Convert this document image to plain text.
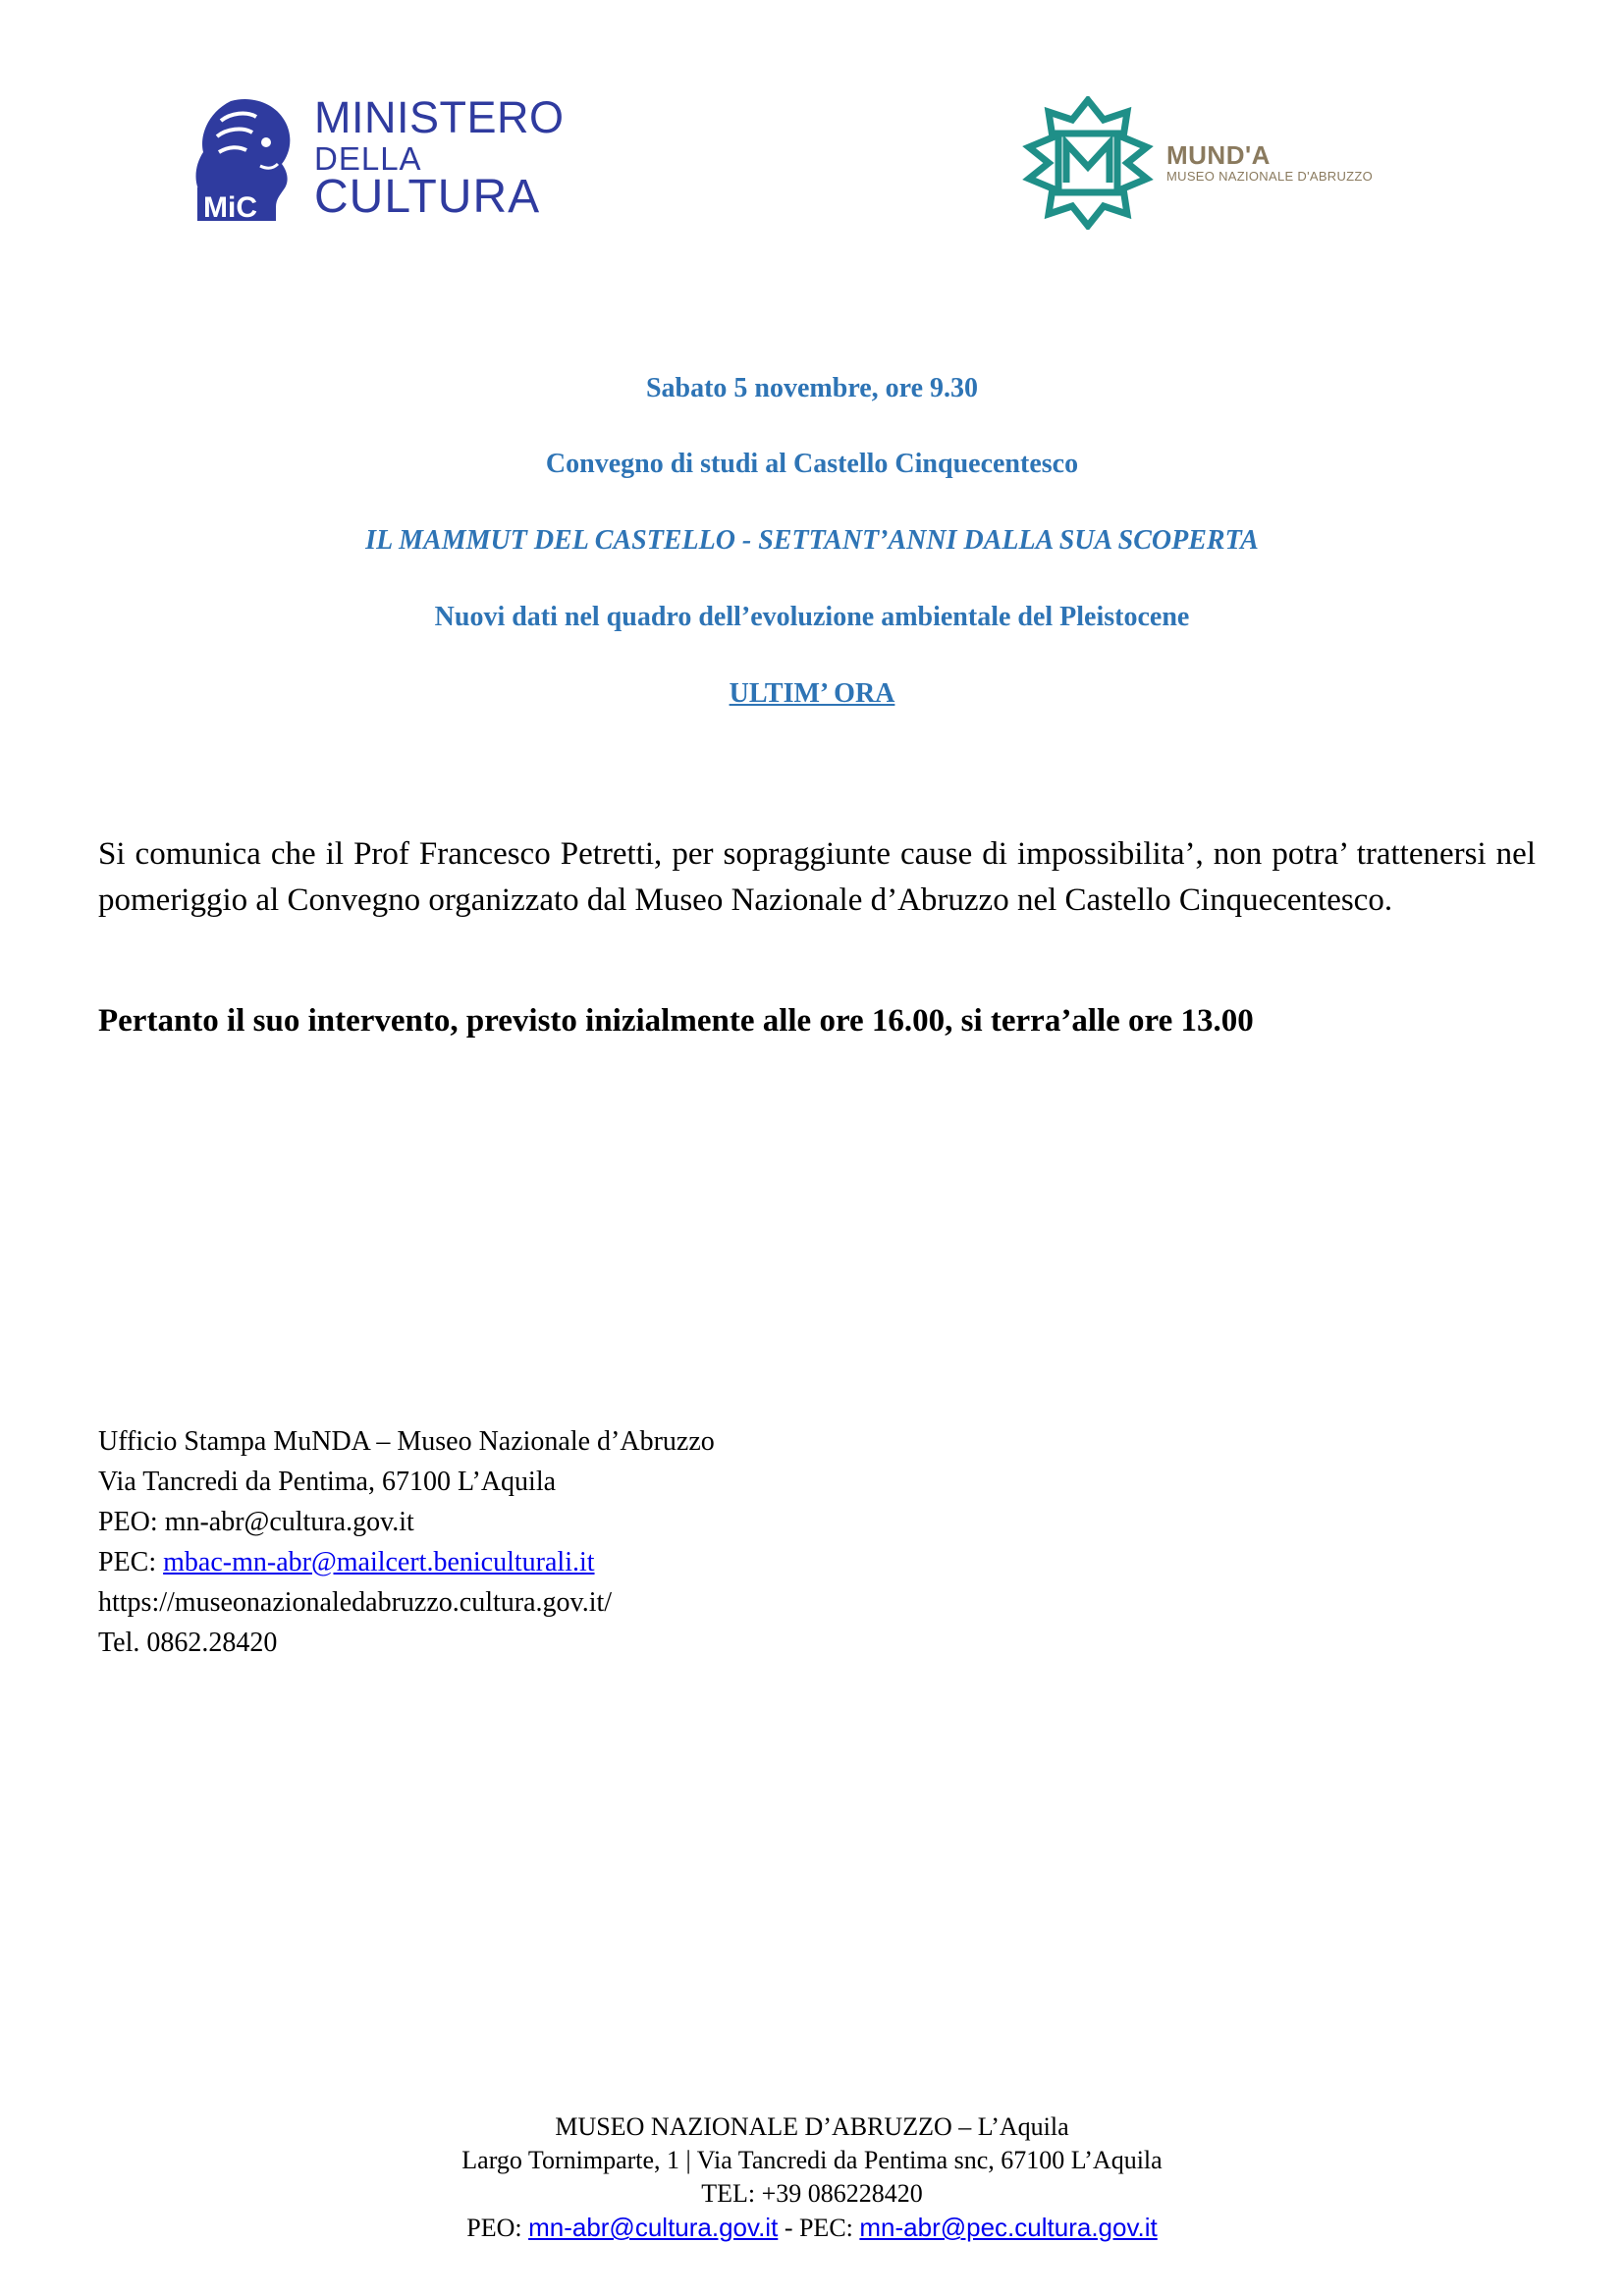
MiC
MINISTERO
DELLA
CULTURA
MUND'A
MUSEO NAZIONALE D'ABRUZZO
Sabato 5 novembre, ore 9.30
Convegno di studi al Castello Cinquecentesco
IL MAMMUT DEL CASTELLO - SETTANT’ANNI DALLA SUA SCOPERTA
Nuovi dati nel quadro dell’evoluzione ambientale del Pleistocene
ULTIM’ ORA

Si comunica che il Prof Francesco Petretti, per sopraggiunte cause di impossibilita’, non potra’ trattenersi nel pomeriggio al Convegno organizzato dal Museo Nazionale d’Abruzzo nel Castello Cinquecentesco.

Pertanto il suo intervento, previsto inizialmente alle ore 16.00, si terra’alle ore 13.00

Ufficio Stampa MuNDA – Museo Nazionale d’Abruzzo
Via Tancredi da Pentima, 67100 L’Aquila
PEO: mn-abr@cultura.gov.it
PEC: mbac-mn-abr@mailcert.beniculturali.it
https://museonazionaledabruzzo.cultura.gov.it/
Tel. 0862.28420
MUSEO NAZIONALE D’ABRUZZO – L’Aquila
Largo Tornimparte, 1 | Via Tancredi da Pentima snc, 67100 L’Aquila
TEL: +39 086228420
PEO: mn-abr@cultura.gov.it - PEC: mn-abr@pec.cultura.gov.it
